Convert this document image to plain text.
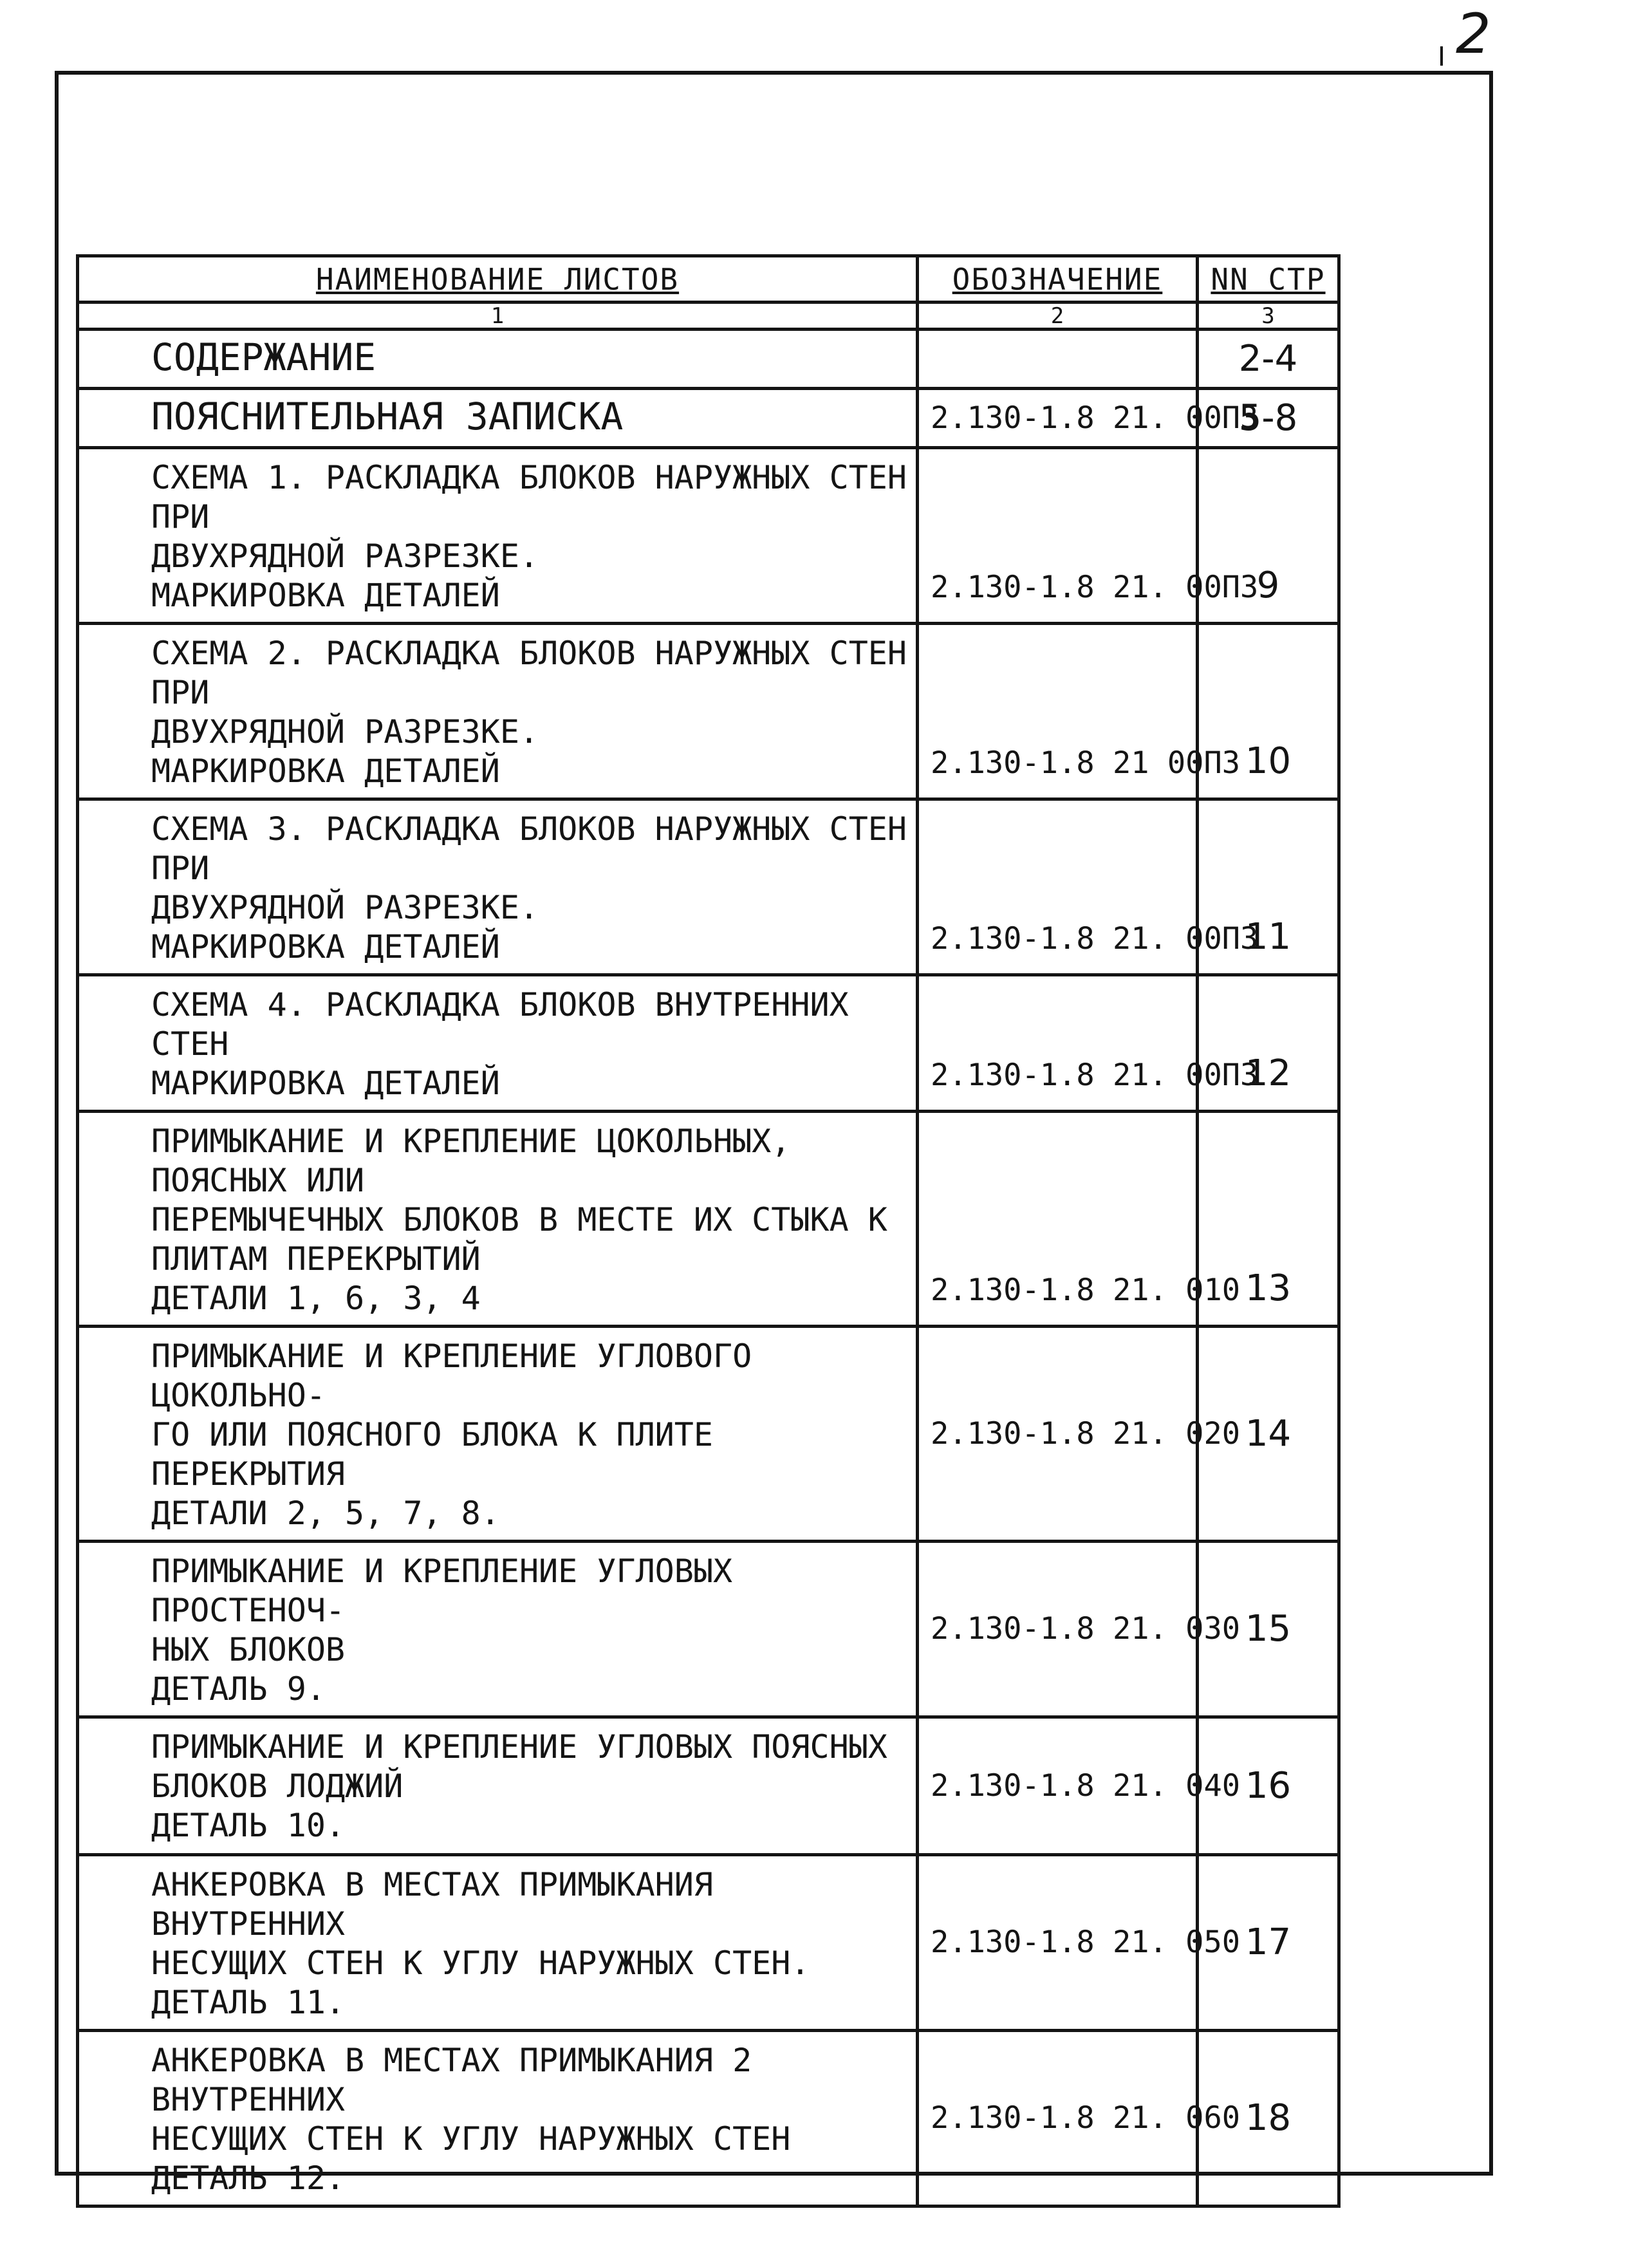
2
НАИМЕНОВАНИЕ ЛИСТОВ	ОБОЗНАЧЕНИЕ	NN СТР
1	2	3
СОДЕРЖАНИЕ		2-4
ПОЯСНИТЕЛЬНАЯ ЗАПИСКА	2.130-1.8 21. 00ПЗ	5-8
СХЕМА 1. РАСКЛАДКА БЛОКОВ НАРУЖНЫХ СТЕН ПРИ
ДВУХРЯДНОЙ РАЗРЕЗКЕ.
МАРКИРОВКА ДЕТАЛЕЙ	2.130-1.8 21. 00ПЗ	9
СХЕМА 2. РАСКЛАДКА БЛОКОВ НАРУЖНЫХ СТЕН ПРИ
ДВУХРЯДНОЙ РАЗРЕЗКЕ.
МАРКИРОВКА ДЕТАЛЕЙ	2.130-1.8 21 00ПЗ	10
СХЕМА 3. РАСКЛАДКА БЛОКОВ НАРУЖНЫХ СТЕН ПРИ
ДВУХРЯДНОЙ РАЗРЕЗКЕ.
МАРКИРОВКА ДЕТАЛЕЙ	2.130-1.8 21. 00П3	11
СХЕМА 4. РАСКЛАДКА БЛОКОВ ВНУТРЕННИХ СТЕН
МАРКИРОВКА ДЕТАЛЕЙ	2.130-1.8 21. 00ПЗ	12
ПРИМЫКАНИЕ И КРЕПЛЕНИЕ ЦОКОЛЬНЫХ, ПОЯСНЫХ ИЛИ
ПЕРЕМЫЧЕЧНЫХ БЛОКОВ В МЕСТЕ ИХ СТЫКА К
ПЛИТАМ ПЕРЕКРЫТИЙ
ДЕТАЛИ 1, 6, 3, 4	2.130-1.8 21. 010	13
ПРИМЫКАНИЕ И КРЕПЛЕНИЕ УГЛОВОГО ЦОКОЛЬНО-
ГО ИЛИ ПОЯСНОГО БЛОКА К ПЛИТЕ ПЕРЕКРЫТИЯ
ДЕТАЛИ 2, 5, 7, 8.	2.130-1.8 21. 020	14
ПРИМЫКАНИЕ И КРЕПЛЕНИЕ УГЛОВЫХ ПРОСТЕНОЧ-
НЫХ БЛОКОВ
ДЕТАЛЬ 9.	2.130-1.8 21. 030	15
ПРИМЫКАНИЕ И КРЕПЛЕНИЕ УГЛОВЫХ ПОЯСНЫХ
БЛОКОВ ЛОДЖИЙ
ДЕТАЛЬ 10.	2.130-1.8 21. 040	16
АНКЕРОВКА В МЕСТАХ ПРИМЫКАНИЯ ВНУТРЕННИХ
НЕСУЩИХ СТЕН К УГЛУ НАРУЖНЫХ СТЕН.
ДЕТАЛЬ 11.	2.130-1.8 21. 050	17
АНКЕРОВКА В МЕСТАХ ПРИМЫКАНИЯ 2 ВНУТРЕННИХ
НЕСУЩИХ СТЕН К УГЛУ НАРУЖНЫХ СТЕН
ДЕТАЛЬ 12.	2.130-1.8 21. 060	18
